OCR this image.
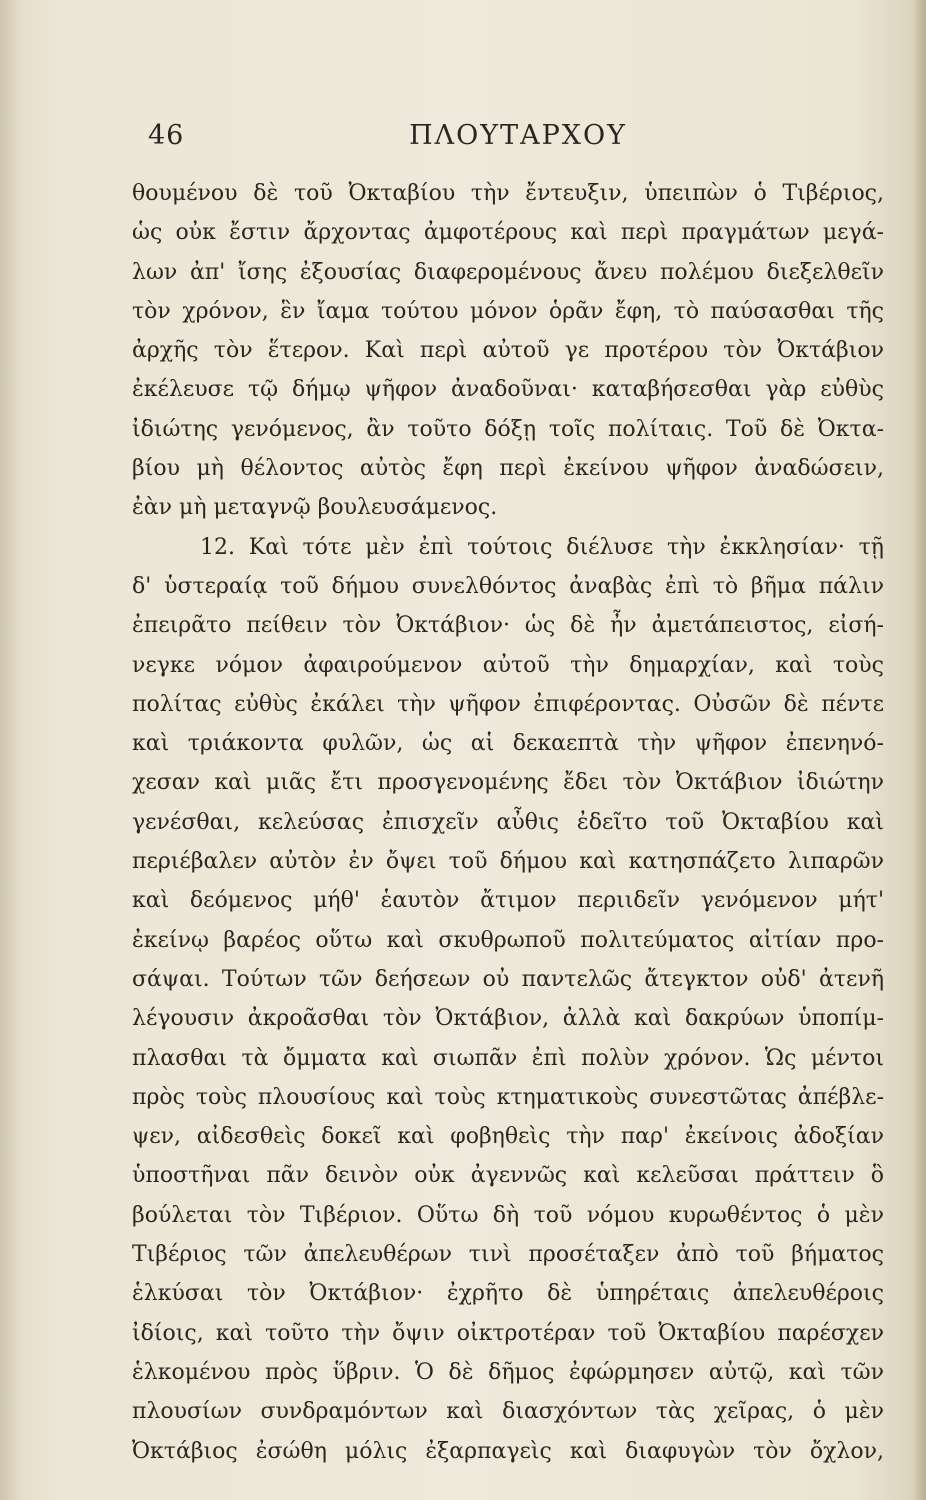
ΠΛΟΥΤΑΡΧΟΥ
46
θουμένου δὲ τοῦ Ὀκταβίου τὴν ἔντευξιν, ὑπειπὼν ὁ Τιβέριος,
ὡς οὐκ ἔστιν ἄρχοντας ἀμφοτέρους καὶ περὶ πραγμάτων μεγά-
λων ἀπ' ἴσης ἐξουσίας διαφερομένους ἄνευ πολέμου διεξελθεῖν
τὸν χρόνον, ἓν ἴαμα τούτου μόνον ὁρᾶν ἔφη, τὸ παύσασθαι τῆς
ἀρχῆς τὸν ἕτερον. Καὶ περὶ αὐτοῦ γε προτέρου τὸν Ὀκτάβιον
ἐκέλευσε τῷ δήμῳ ψῆφον ἀναδοῦναι· καταβήσεσθαι γὰρ εὐθὺς
ἰδιώτης γενόμενος, ἂν τοῦτο δόξῃ τοῖς πολίταις. Τοῦ δὲ Ὀκτα-
βίου μὴ θέλοντος αὐτὸς ἔφη περὶ ἐκείνου ψῆφον ἀναδώσειν,
ἐὰν μὴ μεταγνῷ βουλευσάμενος.
12. Καὶ τότε μὲν ἐπὶ τούτοις διέλυσε τὴν ἐκκλησίαν· τῇ
δ' ὑστεραίᾳ τοῦ δήμου συνελθόντος ἀναβὰς ἐπὶ τὸ βῆμα πάλιν
ἐπειρᾶτο πείθειν τὸν Ὀκτάβιον· ὡς δὲ ἦν ἀμετάπειστος, εἰσή-
νεγκε νόμον ἀφαιρούμενον αὐτοῦ τὴν δημαρχίαν, καὶ τοὺς
πολίτας εὐθὺς ἐκάλει τὴν ψῆφον ἐπιφέροντας. Οὐσῶν δὲ πέντε
καὶ τριάκοντα φυλῶν, ὡς αἱ δεκαεπτὰ τὴν ψῆφον ἐπενηνό-
χεσαν καὶ μιᾶς ἔτι προσγενομένης ἔδει τὸν Ὀκτάβιον ἰδιώτην
γενέσθαι, κελεύσας ἐπισχεῖν αὖθις ἐδεῖτο τοῦ Ὀκταβίου καὶ
περιέβαλεν αὐτὸν ἐν ὄψει τοῦ δήμου καὶ κατησπάζετο λιπαρῶν
καὶ δεόμενος μήθ' ἑαυτὸν ἄτιμον περιιδεῖν γενόμενον μήτ'
ἐκείνῳ βαρέος οὕτω καὶ σκυθρωποῦ πολιτεύματος αἰτίαν προ-
σάψαι. Τούτων τῶν δεήσεων οὐ παντελῶς ἄτεγκτον οὐδ' ἀτενῆ
λέγουσιν ἀκροᾶσθαι τὸν Ὀκτάβιον, ἀλλὰ καὶ δακρύων ὑποπίμ-
πλασθαι τὰ ὄμματα καὶ σιωπᾶν ἐπὶ πολὺν χρόνον. Ὡς μέντοι
πρὸς τοὺς πλουσίους καὶ τοὺς κτηματικοὺς συνεστῶτας ἀπέβλε-
ψεν, αἰδεσθεὶς δοκεῖ καὶ φοβηθεὶς τὴν παρ' ἐκείνοις ἀδοξίαν
ὑποστῆναι πᾶν δεινὸν οὐκ ἀγεννῶς καὶ κελεῦσαι πράττειν ὃ
βούλεται τὸν Τιβέριον. Οὕτω δὴ τοῦ νόμου κυρωθέντος ὁ μὲν
Τιβέριος τῶν ἀπελευθέρων τινὶ προσέταξεν ἀπὸ τοῦ βήματος
ἑλκύσαι τὸν Ὀκτάβιον· ἐχρῆτο δὲ ὑπηρέταις ἀπελευθέροις
ἰδίοις, καὶ τοῦτο τὴν ὄψιν οἰκτροτέραν τοῦ Ὀκταβίου παρέσχεν
ἑλκομένου πρὸς ὕβριν. Ὁ δὲ δῆμος ἐφώρμησεν αὐτῷ, καὶ τῶν
πλουσίων συνδραμόντων καὶ διασχόντων τὰς χεῖρας, ὁ μὲν
Ὀκτάβιος ἐσώθη μόλις ἐξαρπαγεὶς καὶ διαφυγὼν τὸν ὄχλον,
